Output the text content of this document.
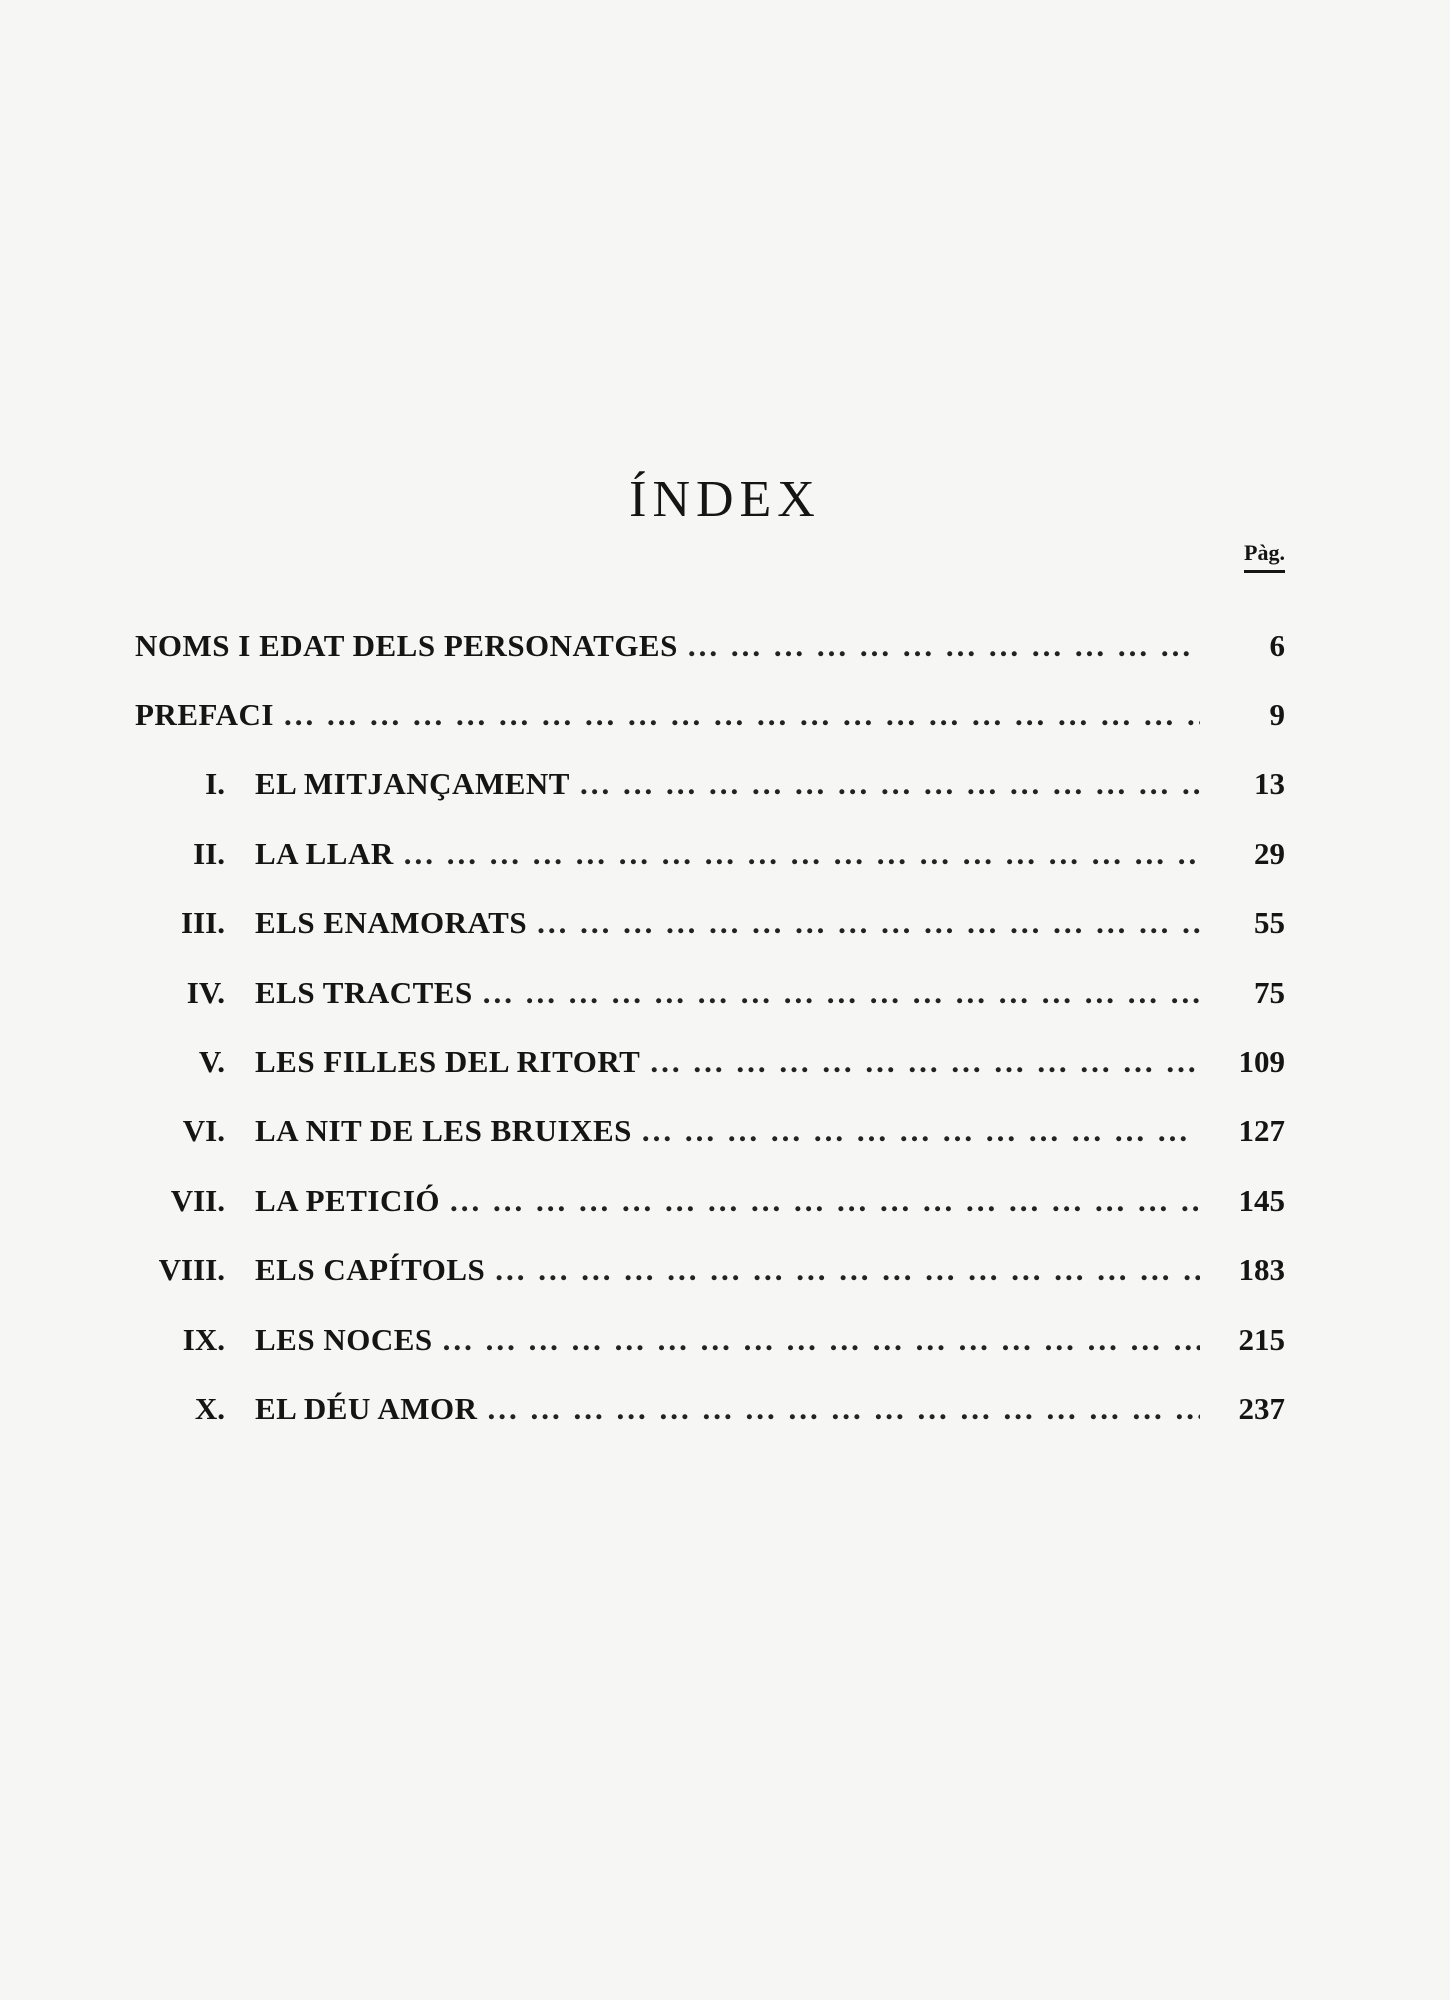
ÍNDEX
Pàg.
NOMS I EDAT DELS PERSONATGES ... .	6
PREFACI ... .	9
I. EL MITJANÇAMENT ... .	13
II. LA LLAR ... .	29
III. ELS ENAMORATS ... .	55
IV. ELS TRACTES ... .	75
V. LES FILLES DEL RITORT ... .	109
VI. LA NIT DE LES BRUIXES ... .	127
VII. LA PETICIÓ ... .	145
VIII. ELS CAPÍTOLS ... .	183
IX. LES NOCES ... .	215
X. EL DÉU AMOR ... .	237
